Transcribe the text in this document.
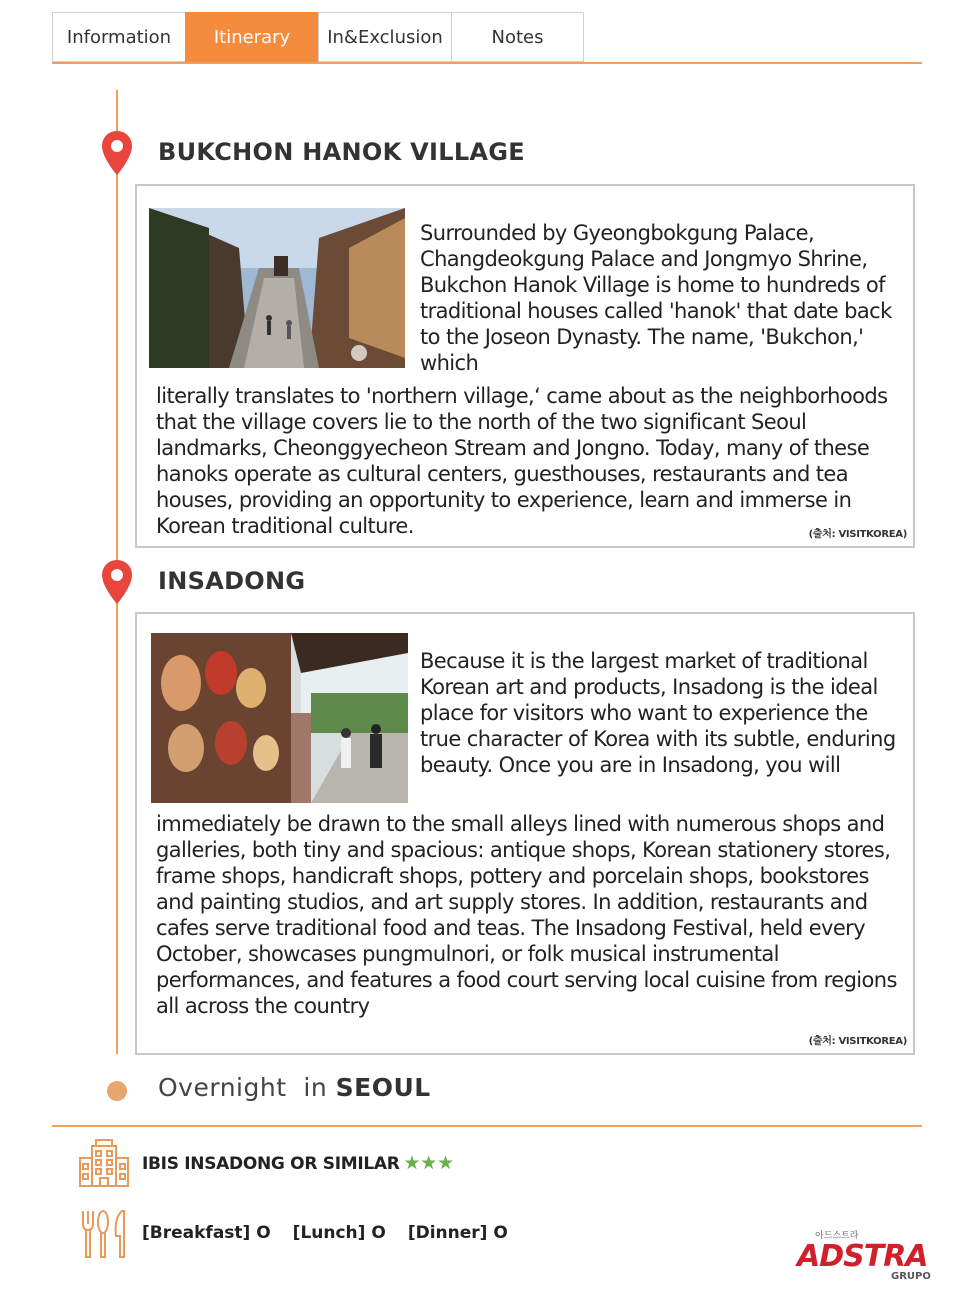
Information	Itinerary	In&Exclusion	Notes
BUKCHON HANOK VILLAGE
Surrounded by Gyeongbokgung Palace, Changdeokgung Palace and Jongmyo Shrine, Bukchon Hanok Village is home to hundreds of traditional houses called 'hanok' that date back to the Joseon Dynasty. The name, 'Bukchon,' which
literally translates to 'northern village,‘ came about as the neighborhoods that the village covers lie to the north of the two significant Seoul landmarks, Cheonggyecheon Stream and Jongno. Today, many of these hanoks operate as cultural centers, guesthouses, restaurants and tea houses, providing an opportunity to experience, learn and immerse in Korean traditional culture.	(출처: VISITKOREA)
INSADONG
Because it is the largest market of traditional Korean art and products, Insadong is the ideal place for visitors who want to experience the true character of Korea with its subtle, enduring beauty. Once you are in Insadong, you will
immediately be drawn to the small alleys lined with numerous shops and galleries, both tiny and spacious: antique shops, Korean stationery stores, frame shops, handicraft shops, pottery and porcelain shops, bookstores and painting studios, and art supply stores. In addition, restaurants and cafes serve traditional food and teas. The Insadong Festival, held every October, showcases pungmulnori, or folk musical instrumental performances, and features a food court serving local cuisine from regions all across the country
(출처: VISITKOREA)
Overnight  in SEOUL
IBIS INSADONG OR SIMILAR ★★★
[Breakfast] O [Lunch] O [Dinner] O	아드스트라
ADSTRA
GRUPO
